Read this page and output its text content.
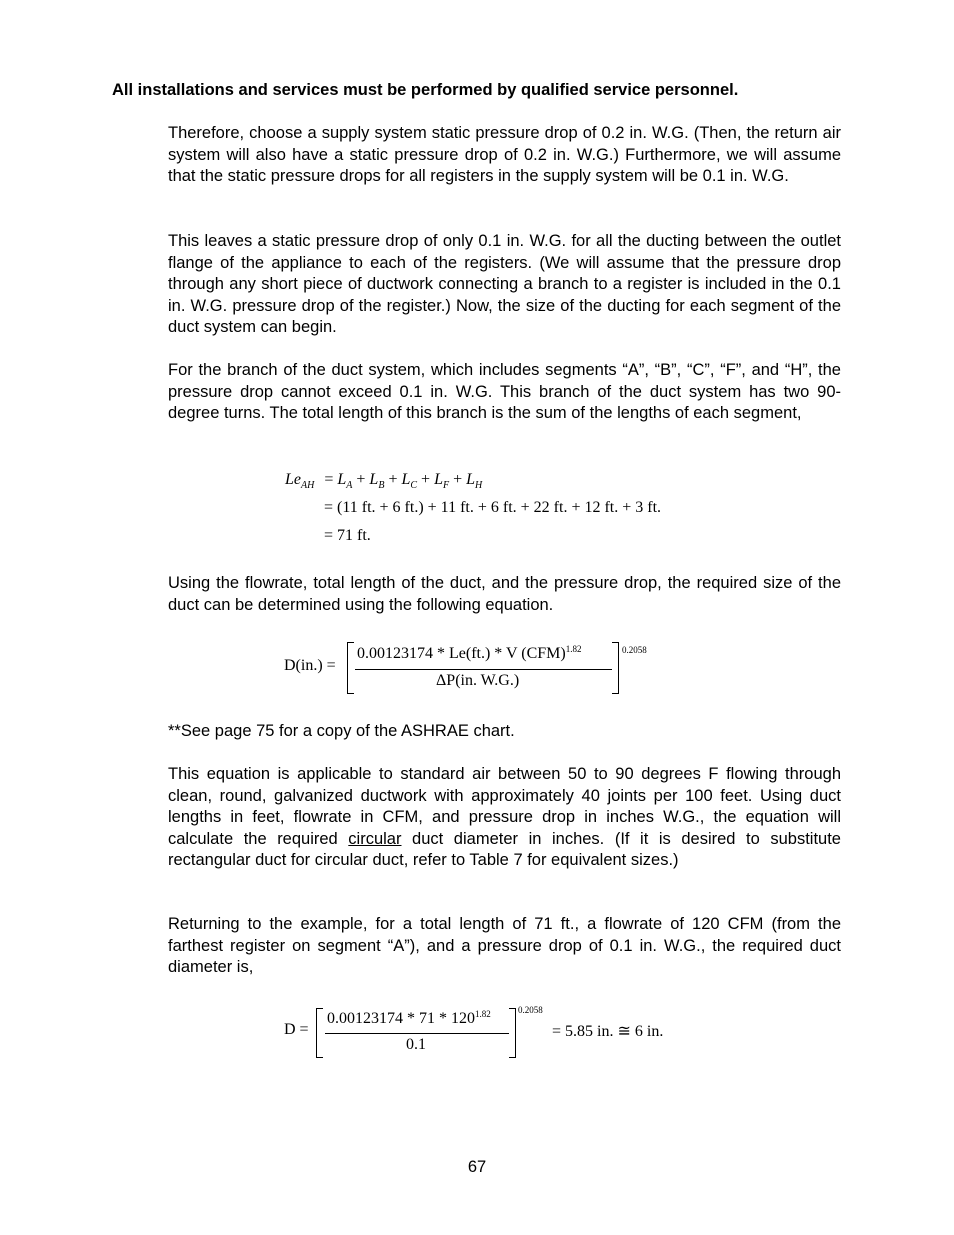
All installations and services must be performed by qualified service personnel.

Therefore, choose a supply system static pressure drop of 0.2 in. W.G. (Then, the return air system will also have a static pressure drop of 0.2 in. W.G.) Furthermore, we will assume that the static pressure drops for all registers in the supply system will be 0.1 in. W.G.

This leaves a static pressure drop of only 0.1 in. W.G. for all the ducting between the outlet flange of the appliance to each of the registers. (We will assume that the pressure drop through any short piece of ductwork connecting a branch to a register is included in the 0.1 in. W.G. pressure drop of the register.) Now, the size of the ducting for each segment of the duct system can begin.

For the branch of the duct system, which includes segments “A”, “B”, “C”, “F”, and “H”, the pressure drop cannot exceed 0.1 in. W.G. This branch of the duct system has two 90-degree turns. The total length of this branch is the sum of the lengths of each segment,

$Le_{AH} = L_A + L_B + L_C + L_F + L_H$
= (11 ft. + 6 ft.) + 11 ft. + 6 ft. + 22 ft. + 12 ft. + 3 ft.
= 71 ft.

Using the flowrate, total length of the duct, and the pressure drop, the required size of the duct can be determined using the following equation.

D(in.) =
0.00123174 * Le(ft.) * V (CFM)$^{1.82}$
ΔP(in. W.G.)
0.2058

**See page 75 for a copy of the ASHRAE chart.

This equation is applicable to standard air between 50 to 90 degrees F flowing through clean, round, galvanized ductwork with approximately 40 joints per 100 feet. Using duct lengths in feet, flowrate in CFM, and pressure drop in inches W.G., the equation will calculate the required circular duct diameter in inches. (If it is desired to substitute rectangular duct for circular duct, refer to Table 7 for equivalent sizes.)

Returning to the example, for a total length of 71 ft., a flowrate of 120 CFM (from the farthest register on segment “A”), and a pressure drop of 0.1 in. W.G., the required duct diameter is,

D =
$0.00123174 * 71 * 120^{1.82}$
0.1
0.2058
= 5.85 in. ≅ 6 in.
67
